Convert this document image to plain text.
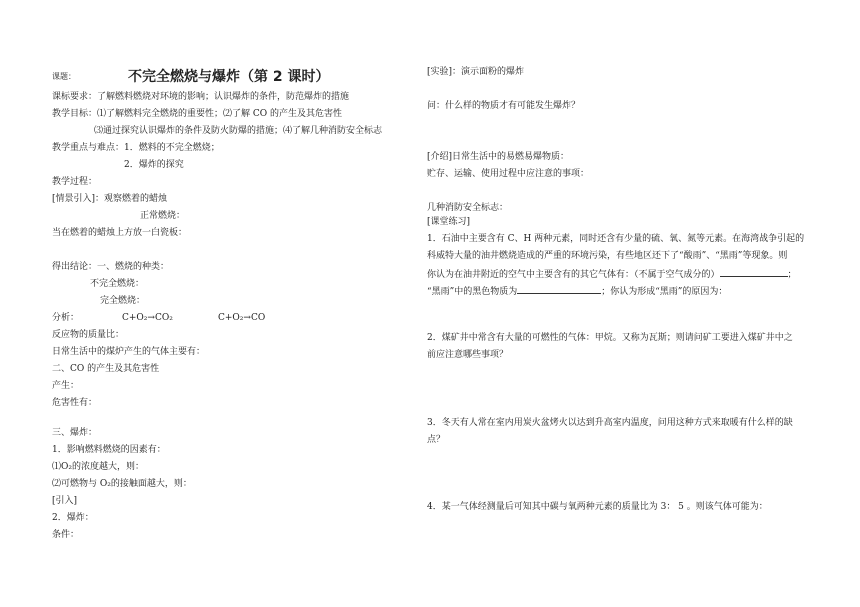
课题：	不完全燃烧与爆炸（第 2 课时）
课标要求：了解燃料燃烧对环境的影响；认识爆炸的条件，防范爆炸的措施
教学目标：⑴了解燃料完全燃烧的重要性；⑵了解 CO 的产生及其危害性
⑶通过探究认识爆炸的条件及防火防爆的措施；⑷了解几种消防安全标志
教学重点与难点：1．燃料的不完全燃烧；
2．爆炸的探究
教学过程：
[情景引入]：观察燃着的蜡烛
正常燃烧：
当在燃着的蜡烛上方放一白瓷板：
得出结论：一、燃烧的种类：
不完全燃烧：
完全燃烧：
分析：	C+O₂→CO₂	C+O₂→CO
反应物的质量比：
日常生活中的煤炉产生的气体主要有：
二、CO 的产生及其危害性
产生：
危害性有：
三、爆炸：
1．影响燃料燃烧的因素有：
⑴O₂的浓度越大，则：
⑵可燃物与 O₂的接触面越大，则：
[引入]
2．爆炸：
条件：
[实验]：演示面粉的爆炸
问：什么样的物质才有可能发生爆炸？
[介绍]日常生活中的易燃易爆物质：
贮存、运输、使用过程中应注意的事项：
几种消防安全标志：
[课堂练习]
1．石油中主要含有 C、H 两种元素，同时还含有少量的硫、氧、氮等元素。在海湾战争引起的
科威特大量的油井燃烧造成的严重的环境污染，有些地区还下了“酸雨”、“黑雨”等现象。则
你认为在油井附近的空气中主要含有的其它气体有：（不属于空气成分的）	；
“黑雨”中的黑色物质为	；你认为形成“黑雨”的原因为：
2．煤矿井中常含有大量的可燃性的气体：甲烷。又称为瓦斯；则请问矿工要进入煤矿井中之
前应注意哪些事项？
3．冬天有人常在室内用炭火盆烤火以达到升高室内温度，问用这种方式来取暖有什么样的缺
点？
4．某一气体经测量后可知其中碳与氧两种元素的质量比为 3： 5 。则该气体可能为：
